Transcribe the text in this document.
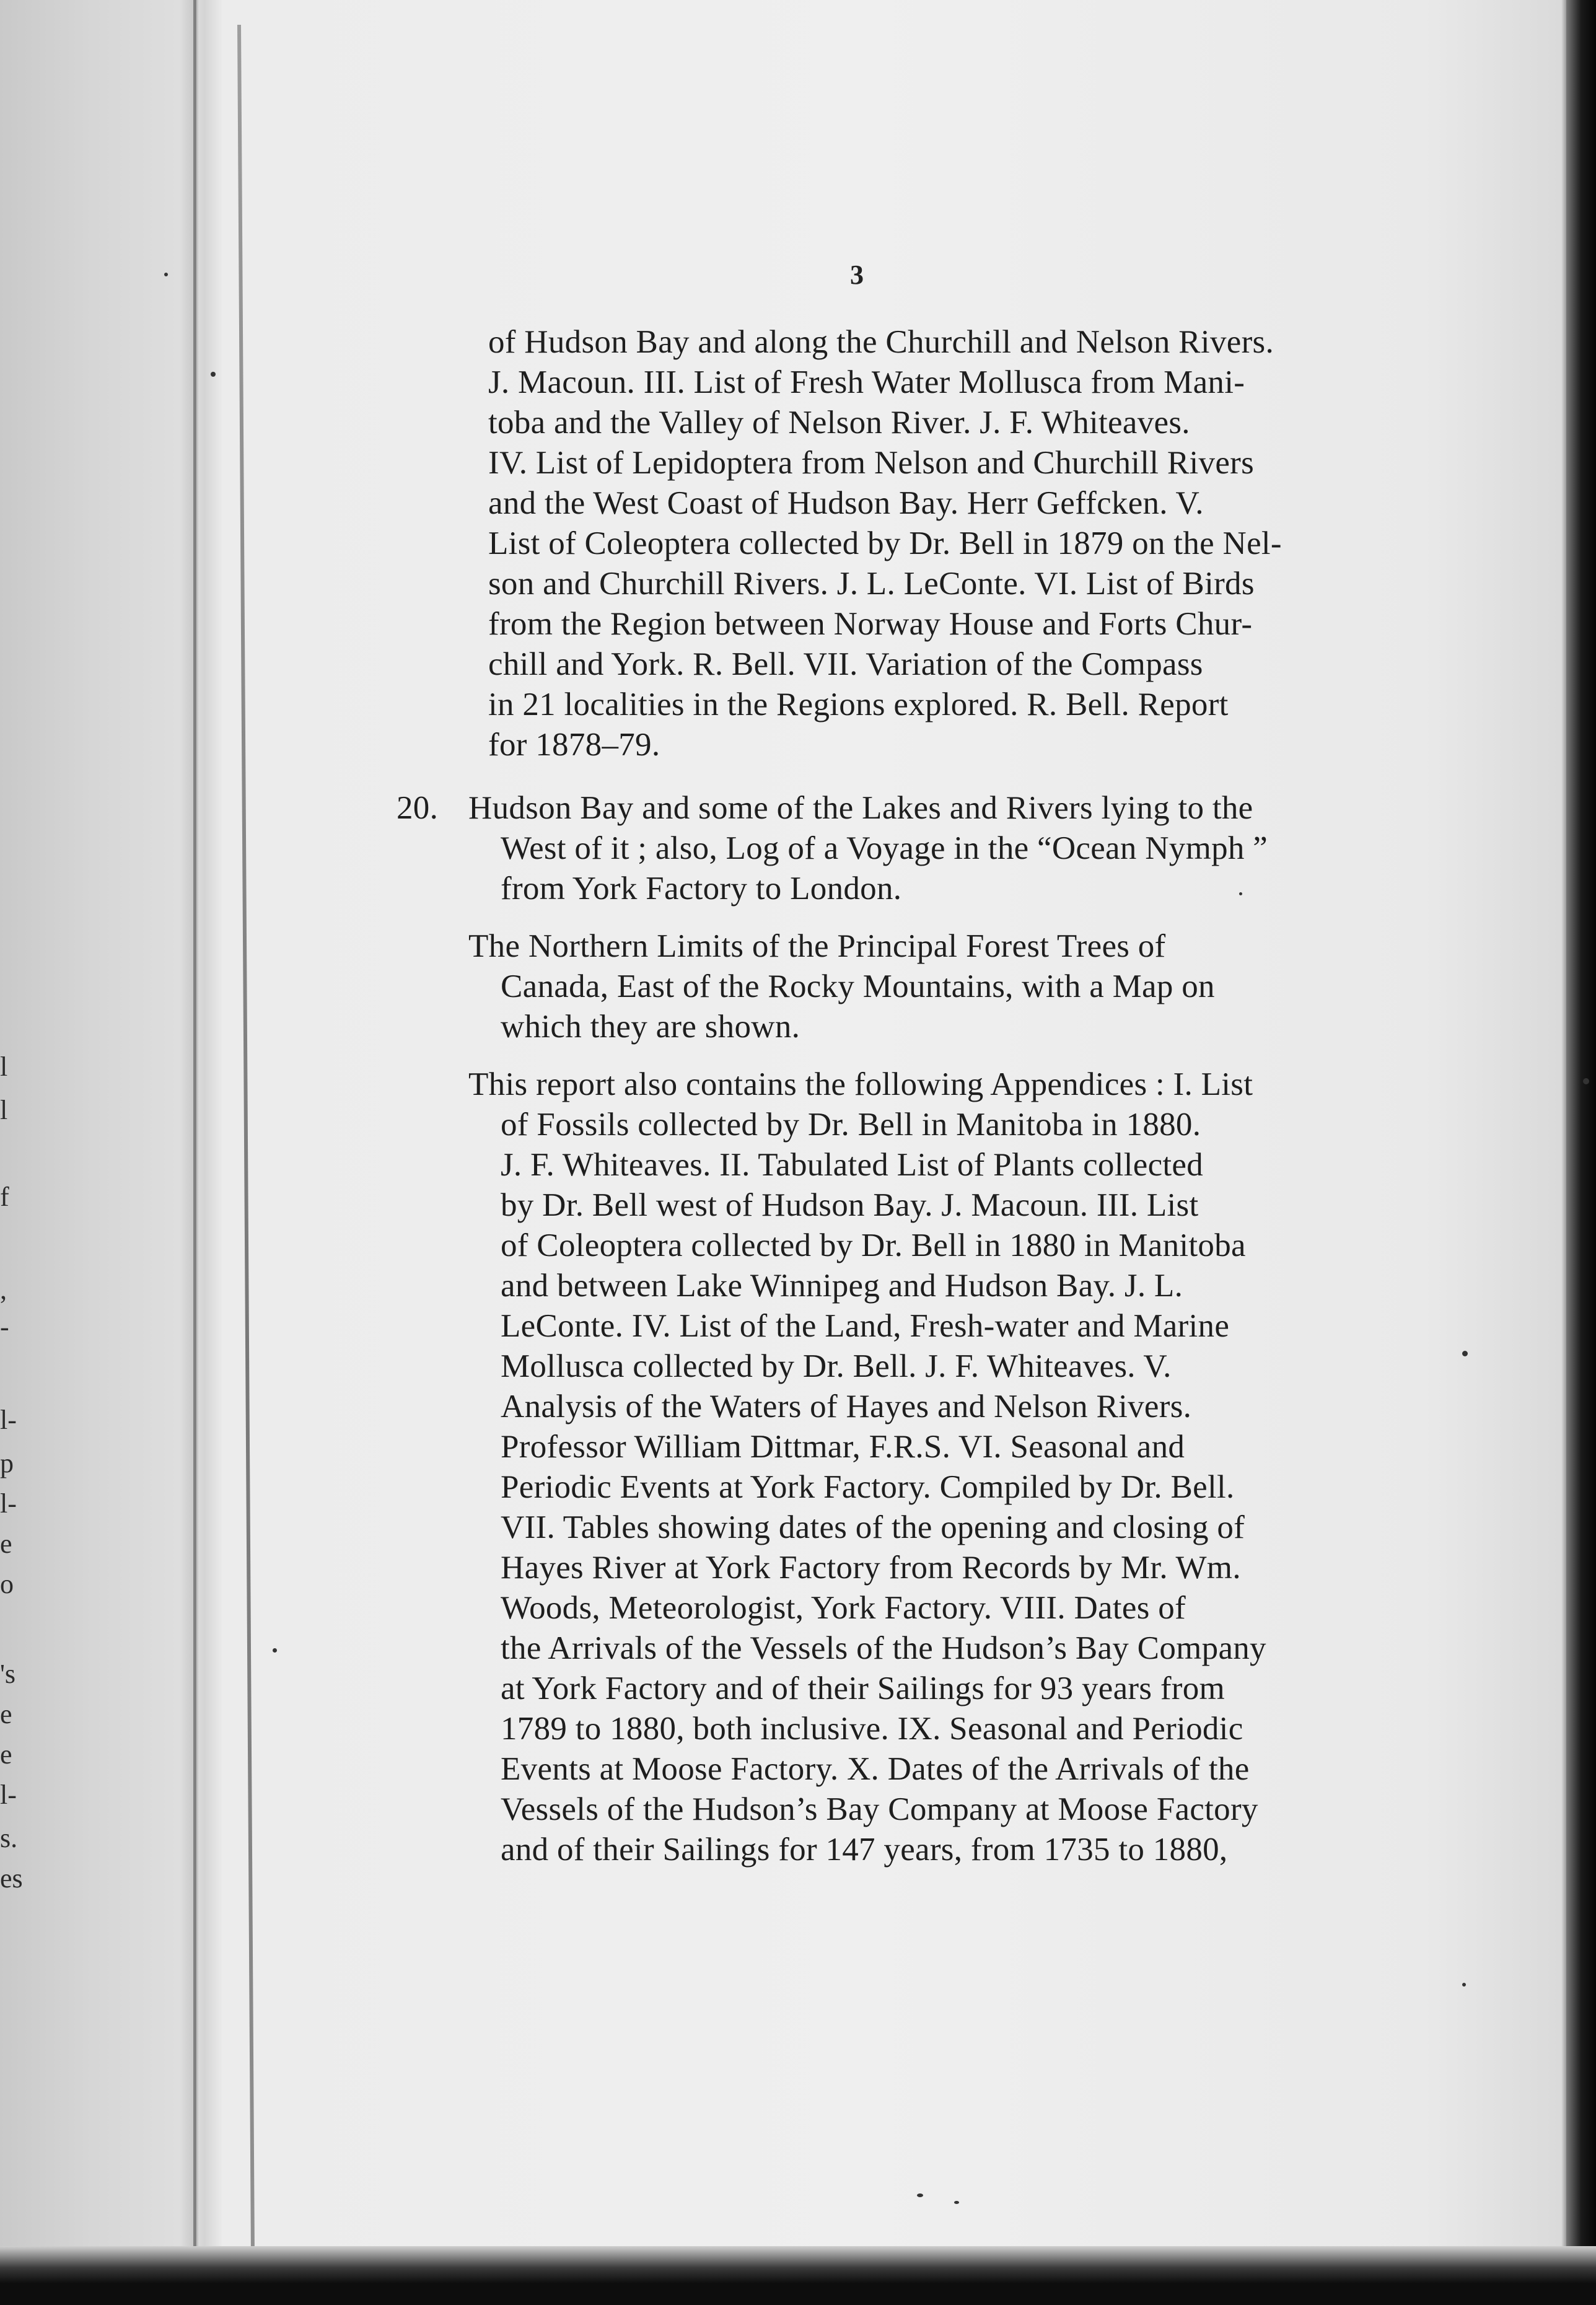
l
l
f
,
-
l-
p
l-
e
o
's
e
e
l-
s.
es
3
of Hudson Bay and along the Churchill and Nelson Rivers.
J. Macoun. III. List of Fresh Water Mollusca from Mani-
toba and the Valley of Nelson River. J. F. Whiteaves.
IV. List of Lepidoptera from Nelson and Churchill Rivers
and the West Coast of Hudson Bay. Herr Geffcken. V.
List of Coleoptera collected by Dr. Bell in 1879 on the Nel-
son and Churchill Rivers. J. L. LeConte. VI. List of Birds
from the Region between Norway House and Forts Chur-
chill and York. R. Bell. VII. Variation of the Compass
in 21 localities in the Regions explored. R. Bell. Report
for 1878–79.
20. Hudson Bay and some of the Lakes and Rivers lying to the
West of it ; also, Log of a Voyage in the “Ocean Nymph ”
from York Factory to London.
The Northern Limits of the Principal Forest Trees of
Canada, East of the Rocky Mountains, with a Map on
which they are shown.
This report also contains the following Appendices : I. List
of Fossils collected by Dr. Bell in Manitoba in 1880.
J. F. Whiteaves. II. Tabulated List of Plants collected
by Dr. Bell west of Hudson Bay. J. Macoun. III. List
of Coleoptera collected by Dr. Bell in 1880 in Manitoba
and between Lake Winnipeg and Hudson Bay. J. L.
LeConte. IV. List of the Land, Fresh-water and Marine
Mollusca collected by Dr. Bell. J. F. Whiteaves. V.
Analysis of the Waters of Hayes and Nelson Rivers.
Professor William Dittmar, F.R.S. VI. Seasonal and
Periodic Events at York Factory. Compiled by Dr. Bell.
VII. Tables showing dates of the opening and closing of
Hayes River at York Factory from Records by Mr. Wm.
Woods, Meteorologist, York Factory. VIII. Dates of
the Arrivals of the Vessels of the Hudson’s Bay Company
at York Factory and of their Sailings for 93 years from
1789 to 1880, both inclusive. IX. Seasonal and Periodic
Events at Moose Factory. X. Dates of the Arrivals of the
Vessels of the Hudson’s Bay Company at Moose Factory
and of their Sailings for 147 years, from 1735 to 1880,
